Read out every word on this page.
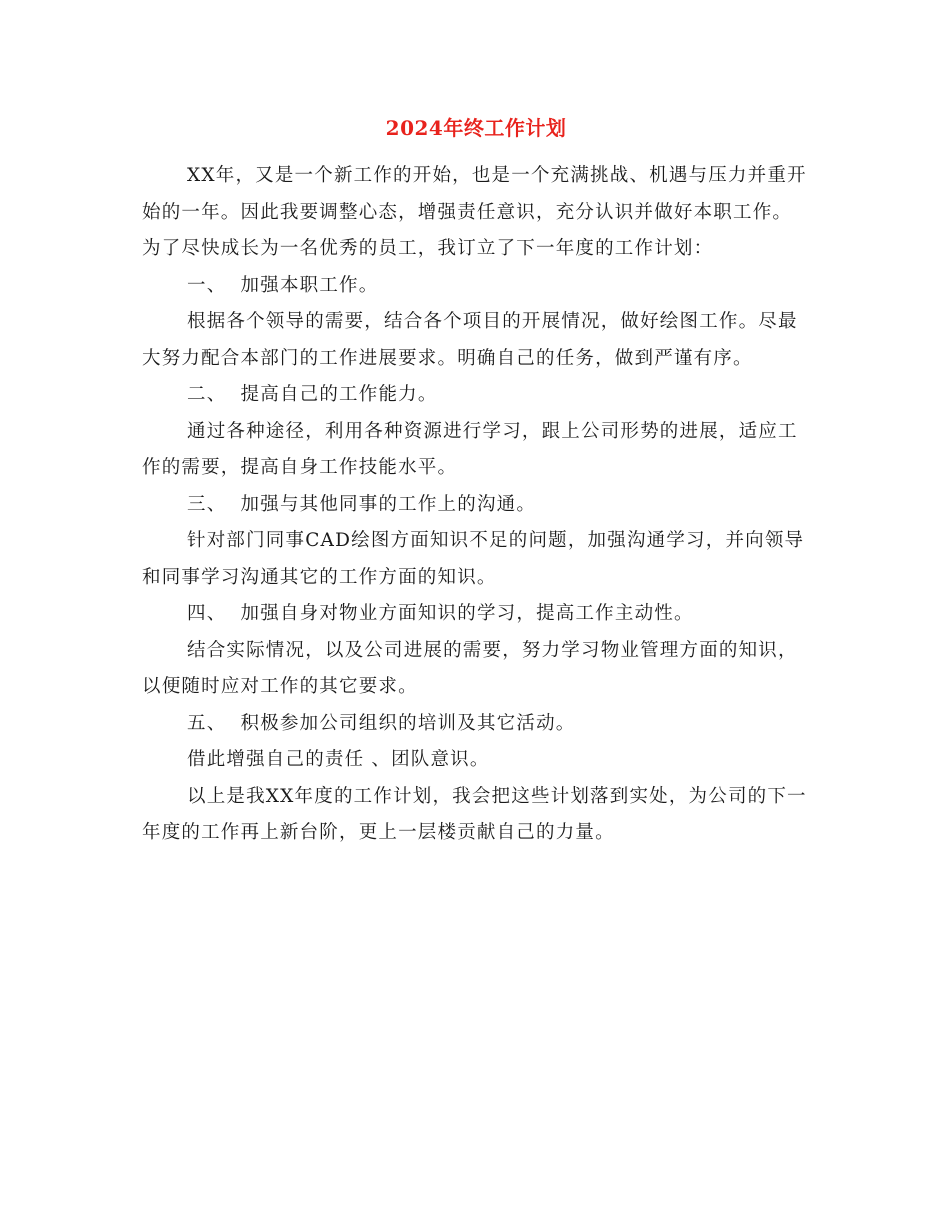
2024年终工作计划

XX年，又是一个新工作的开始，也是一个充满挑战、机遇与压力并重开始的一年。因此我要调整心态，增强责任意识，充分认识并做好本职工作。为了尽快成长为一名优秀的员工，我订立了下一年度的工作计划：

一、  加强本职工作。

根据各个领导的需要，结合各个项目的开展情况，做好绘图工作。尽最大努力配合本部门的工作进展要求。明确自己的任务，做到严谨有序。

二、  提高自己的工作能力。

通过各种途径，利用各种资源进行学习，跟上公司形势的进展，适应工作的需要，提高自身工作技能水平。

三、  加强与其他同事的工作上的沟通。

针对部门同事CAD绘图方面知识不足的问题，加强沟通学习，并向领导和同事学习沟通其它的工作方面的知识。

四、  加强自身对物业方面知识的学习，提高工作主动性。

结合实际情况，以及公司进展的需要，努力学习物业管理方面的知识，以便随时应对工作的其它要求。

五、  积极参加公司组织的培训及其它活动。

借此增强自己的责任 、团队意识。

以上是我XX年度的工作计划，我会把这些计划落到实处，为公司的下一年度的工作再上新台阶，更上一层楼贡献自己的力量。
